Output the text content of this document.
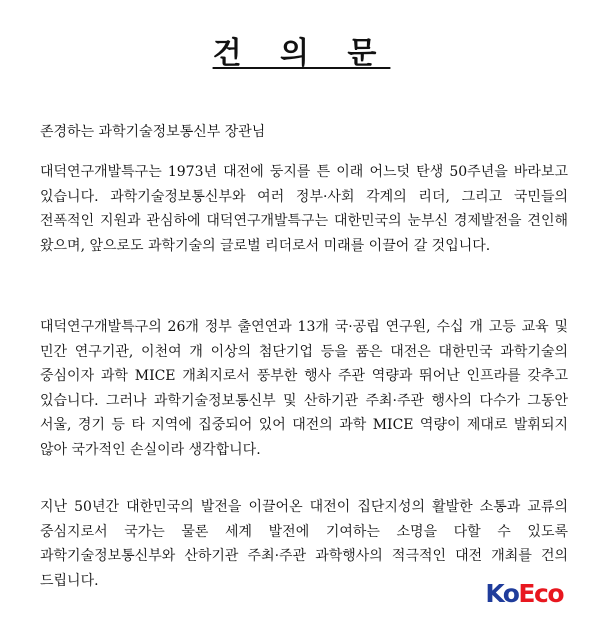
건 의 문
존경하는 과학기술정보통신부 장관님

대덕연구개발특구는 1973년 대전에 둥지를 튼 이래 어느덧 탄생 50주년을 바라보고 있습니다. 과학기술정보통신부와 여러 정부·사회 각계의 리더, 그리고 국민들의 전폭적인 지원과 관심하에 대덕연구개발특구는 대한민국의 눈부신 경제발전을 견인해 왔으며, 앞으로도 과학기술의 글로벌 리더로서 미래를 이끌어 갈 것입니다.

대덕연구개발특구의 26개 정부 출연연과 13개 국·공립 연구원, 수십 개 고등 교육 및 민간 연구기관, 이천여 개 이상의 첨단기업 등을 품은 대전은 대한민국 과학기술의 중심이자 과학 MICE 개최지로서 풍부한 행사 주관 역량과 뛰어난 인프라를 갖추고 있습니다. 그러나 과학기술정보통신부 및 산하기관 주최·주관 행사의 다수가 그동안 서울, 경기 등 타 지역에 집중되어 있어 대전의 과학 MICE 역량이 제대로 발휘되지 않아 국가적인 손실이라 생각합니다.

지난 50년간 대한민국의 발전을 이끌어온 대전이 집단지성의 활발한 소통과 교류의 중심지로서 국가는 물론 세계 발전에 기여하는 소명을 다할 수 있도록 과학기술정보통신부와 산하기관 주최·주관 과학행사의 적극적인 대전 개최를 건의 드립니다.	KoEco
